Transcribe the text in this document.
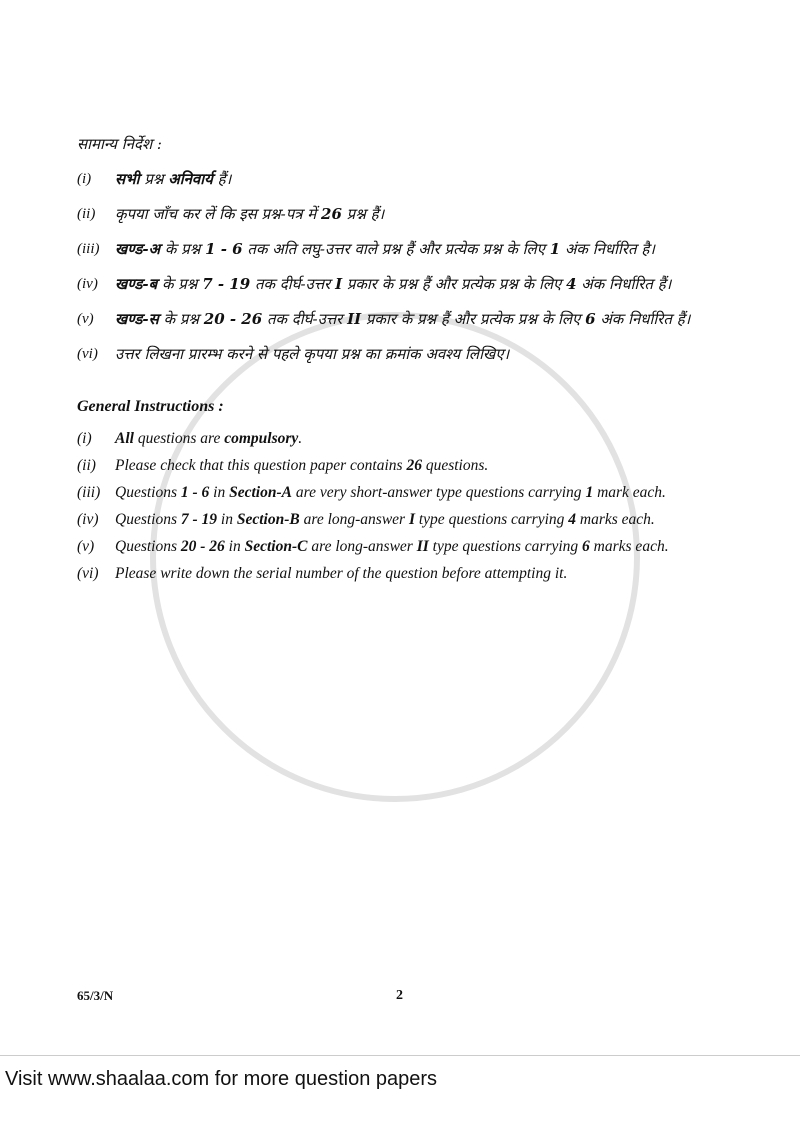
सामान्य निर्देश :
(i) सभी प्रश्न अनिवार्य हैं।
(ii) कृपया जाँच कर लें कि इस प्रश्न-पत्र में 26 प्रश्न हैं।
(iii) खण्ड-अ के प्रश्न 1 - 6 तक अति लघु-उत्तर वाले प्रश्न हैं और प्रत्येक प्रश्न के लिए 1 अंक निर्धारित है।
(iv) खण्ड-ब के प्रश्न 7 - 19 तक दीर्घ-उत्तर I प्रकार के प्रश्न हैं और प्रत्येक प्रश्न के लिए 4 अंक निर्धारित हैं।
(v) खण्ड-स के प्रश्न 20 - 26 तक दीर्घ-उत्तर II प्रकार के प्रश्न हैं और प्रत्येक प्रश्न के लिए 6 अंक निर्धारित हैं।
(vi) उत्तर लिखना प्रारम्भ करने से पहले कृपया प्रश्न का क्रमांक अवश्य लिखिए।
General Instructions :
(i) All questions are compulsory.
(ii) Please check that this question paper contains 26 questions.
(iii) Questions 1 - 6 in Section-A are very short-answer type questions carrying 1 mark each.
(iv) Questions 7 - 19 in Section-B are long-answer I type questions carrying 4 marks each.
(v) Questions 20 - 26 in Section-C are long-answer II type questions carrying 6 marks each.
(vi) Please write down the serial number of the question before attempting it.
65/3/N	2
Visit www.shaalaa.com for more question papers
